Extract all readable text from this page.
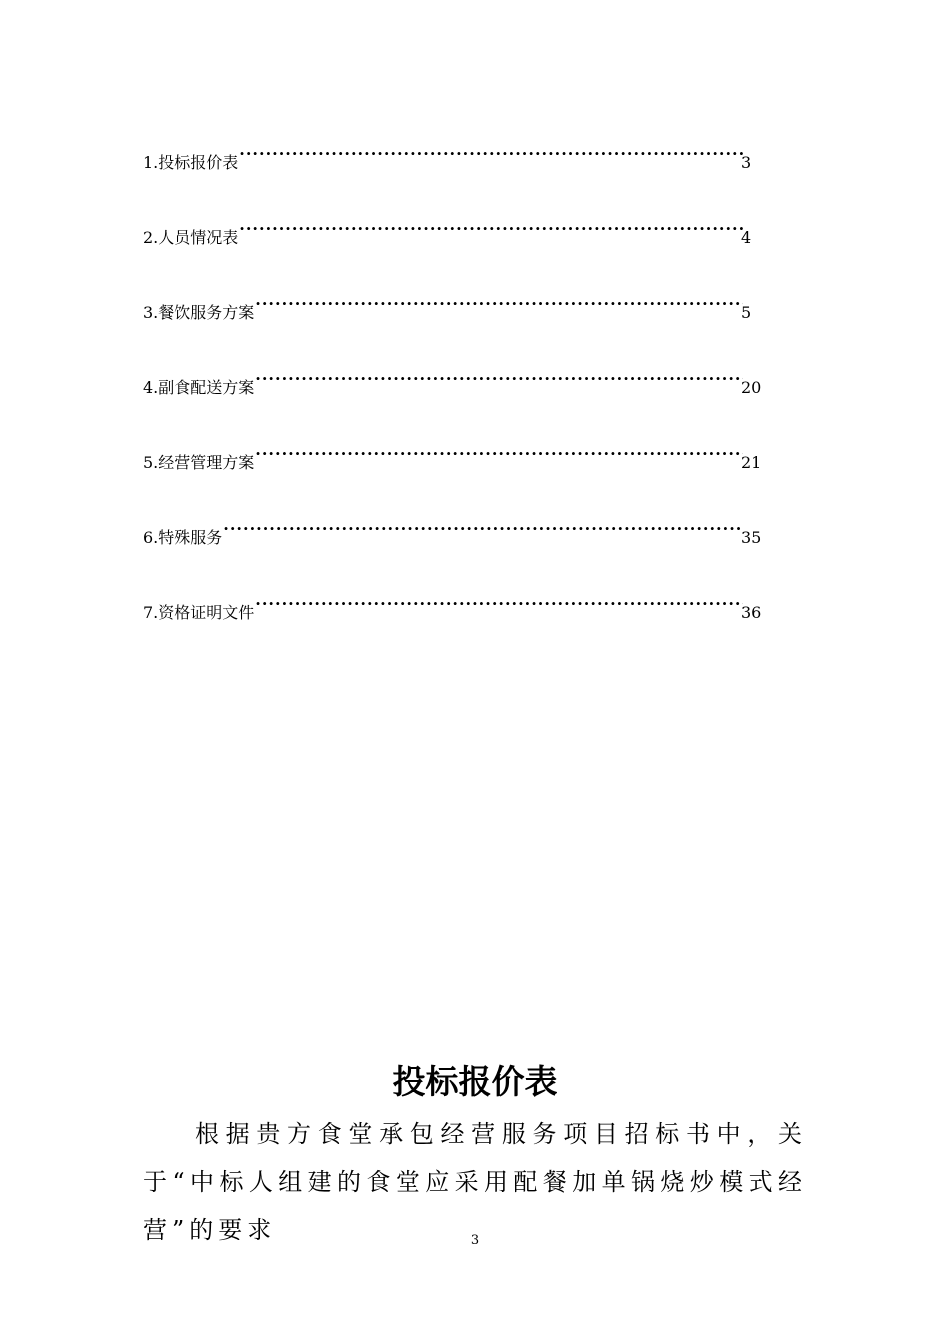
1.投标报价表 ·····	3
2.人员情况表 ·····	4
3.餐饮服务方案 ·····	5
4.副食配送方案 ·····	20
5.经营管理方案 ·····	21
6.特殊服务 ·····	35
7.资格证明文件 ·····	36
投标报价表

根据贵方食堂承包经营服务项目招标书中，关于“中标人组建的食堂应采用配餐加单锅烧炒模式经营”的要求	3
